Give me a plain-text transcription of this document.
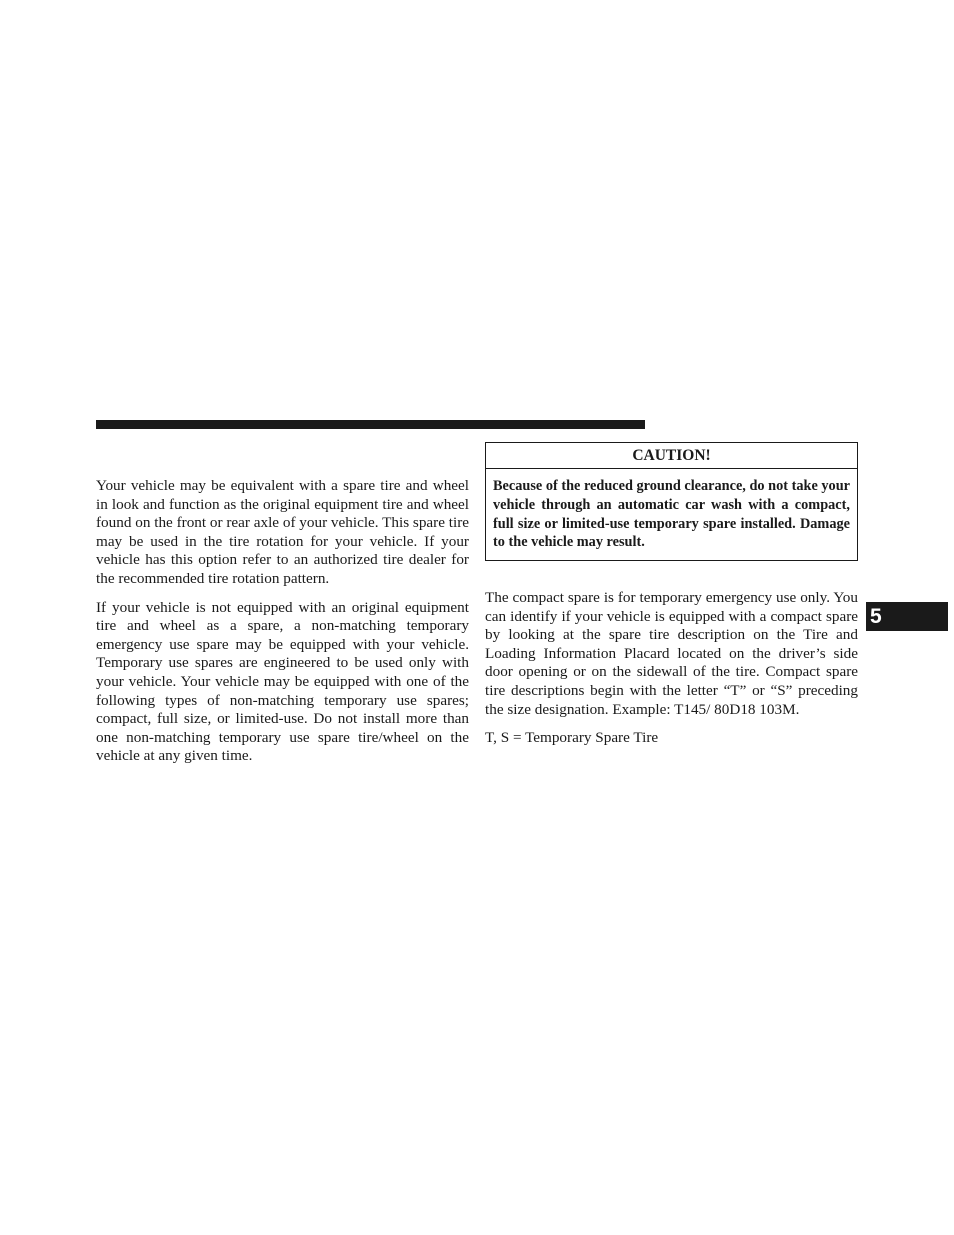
Your vehicle may be equivalent with a spare tire and wheel in look and function as the original equipment tire and wheel found on the front or rear axle of your vehicle. This spare tire may be used in the tire rotation for your vehicle. If your vehicle has this option refer to an authorized tire dealer for the recommended tire rotation pattern.

If your vehicle is not equipped with an original equipment tire and wheel as a spare, a non-matching temporary emergency use spare may be equipped with your vehicle. Temporary use spares are engineered to be used only with your vehicle. Your vehicle may be equipped with one of the following types of non-matching temporary use spares; compact, full size, or limited-use. Do not install more than one non-matching temporary use spare tire/wheel on the vehicle at any given time.

CAUTION!
Because of the reduced ground clearance, do not take your vehicle through an automatic car wash with a compact, full size or limited-use temporary spare installed. Damage to the vehicle may result.

The compact spare is for temporary emergency use only. You can identify if your vehicle is equipped with a compact spare by looking at the spare tire description on the Tire and Loading Information Placard located on the driver’s side door opening or on the sidewall of the tire. Compact spare tire descriptions begin with the letter “T” or “S” preceding the size designation. Example: T145/ 80D18 103M.

T, S = Temporary Spare Tire

5
